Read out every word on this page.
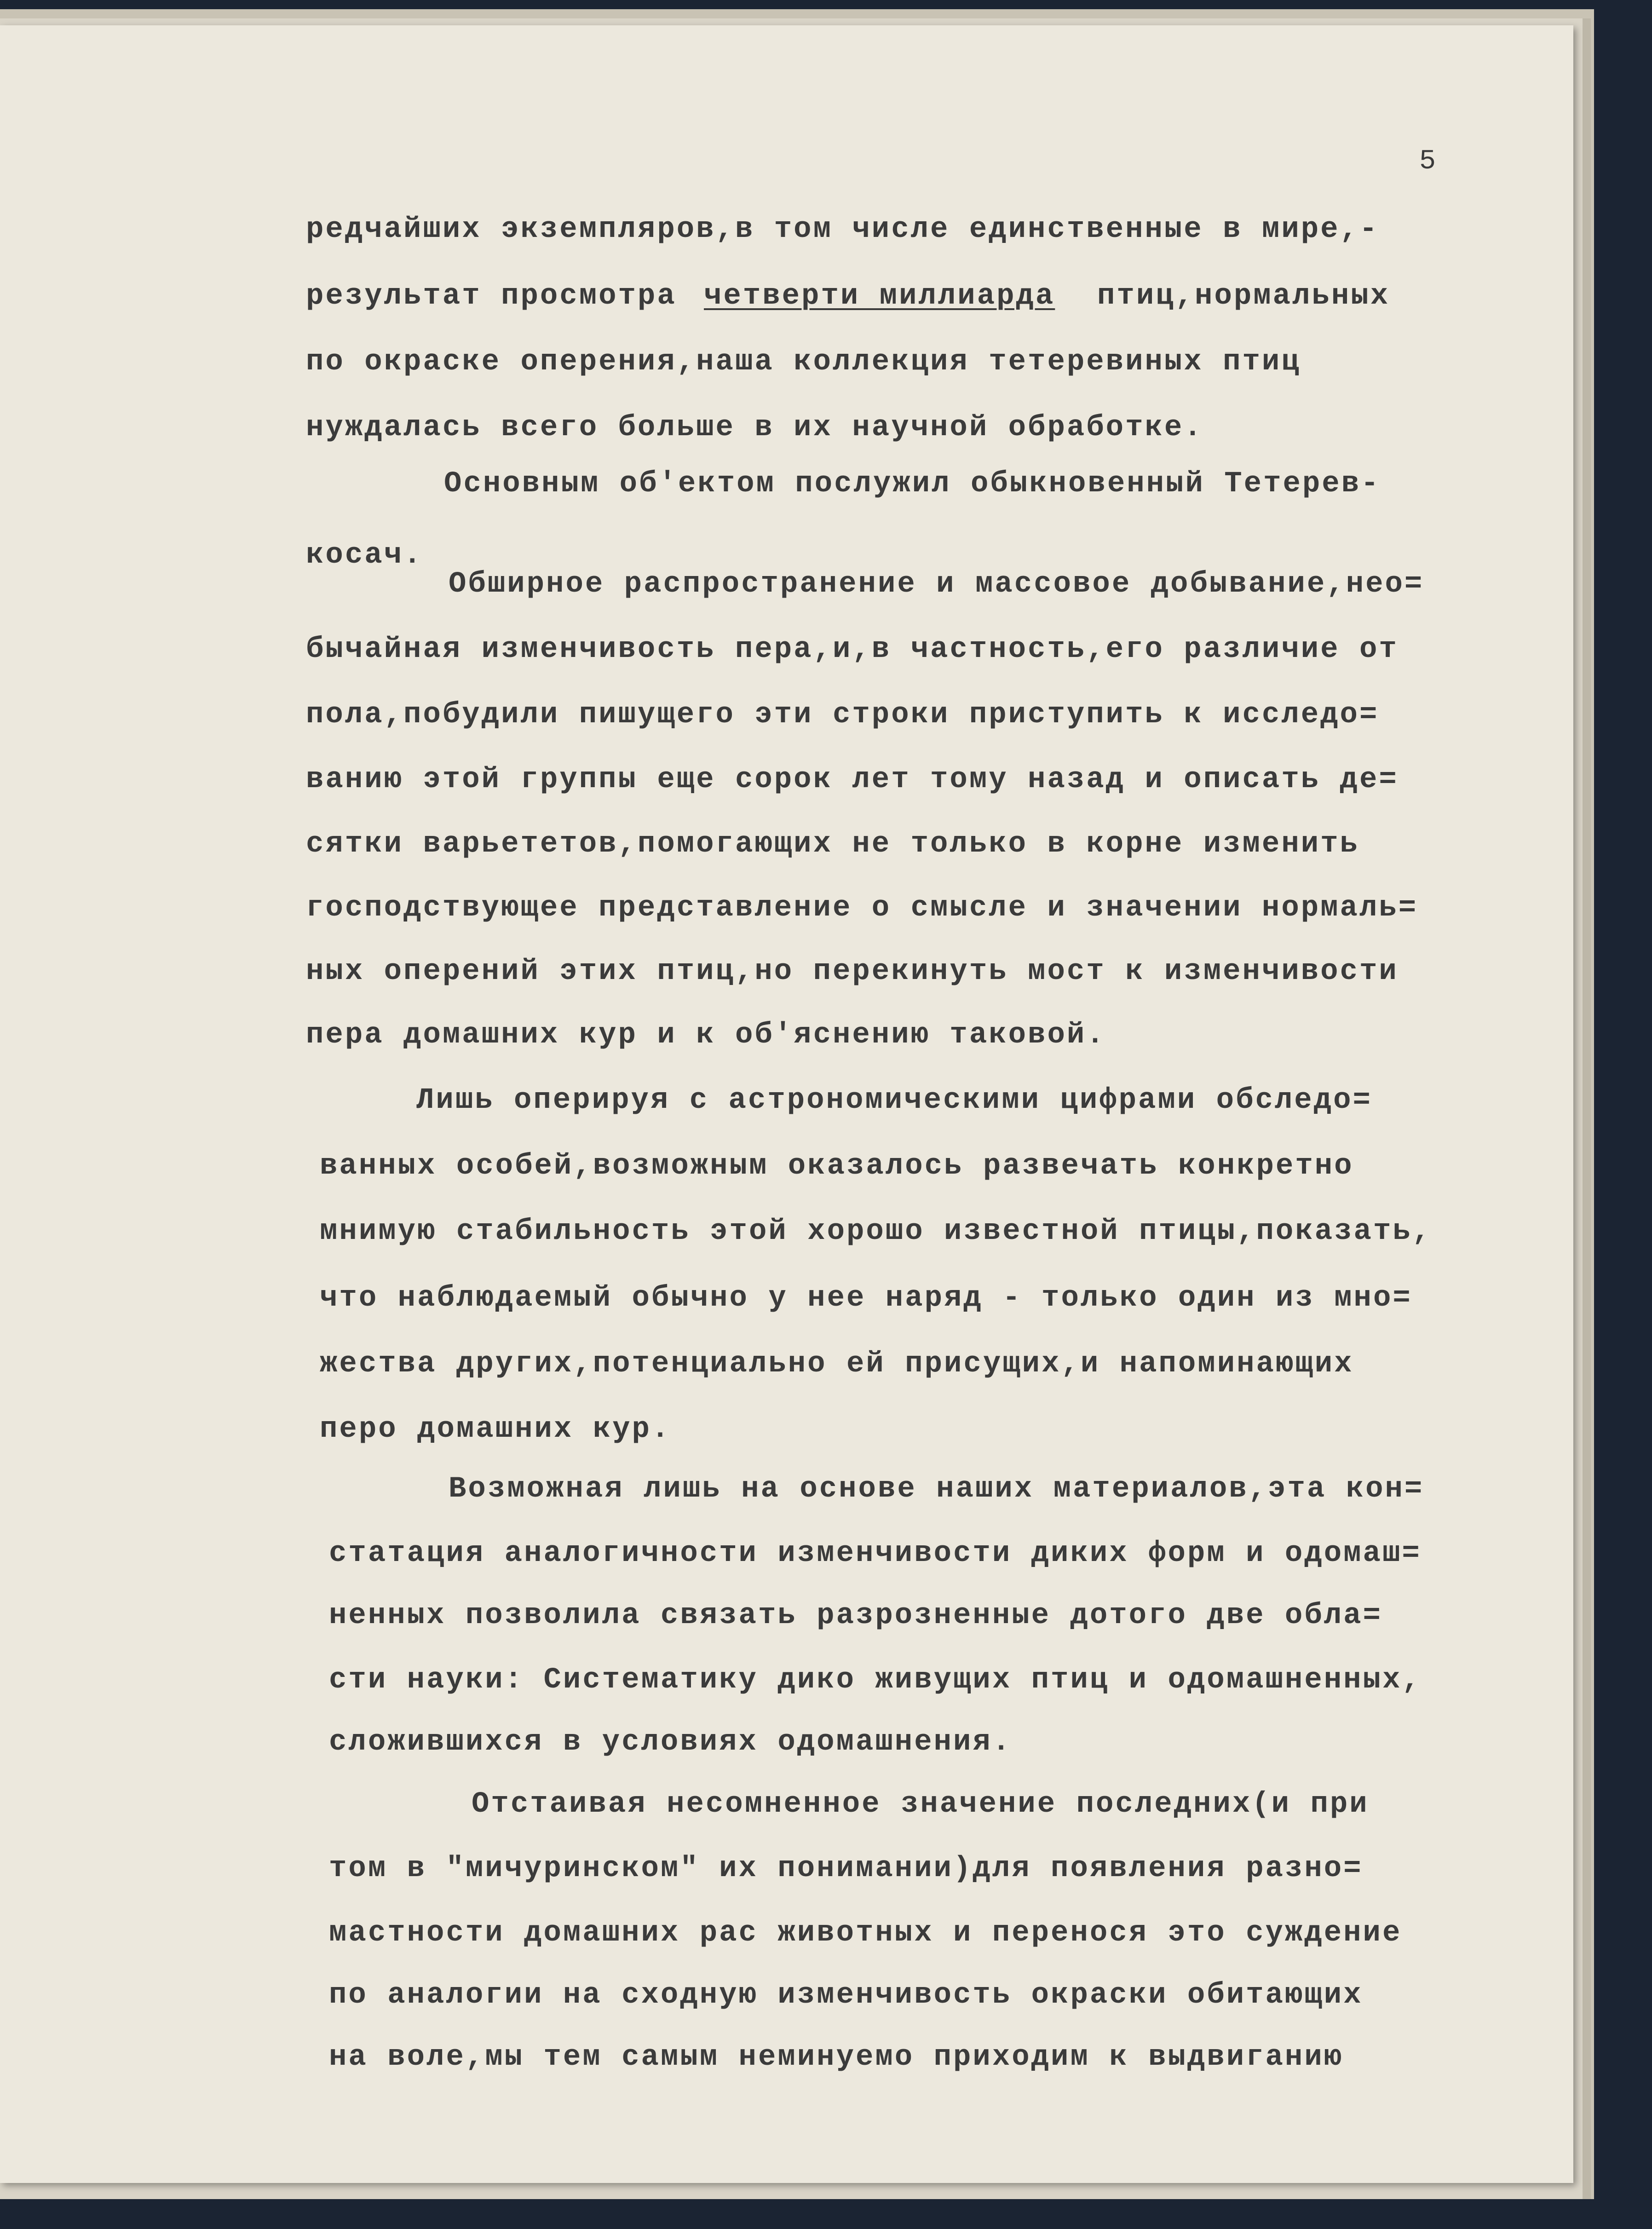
5
редчайших экземпляров,в том числе единственные в мире,-
результат просмотра четверти миллиарда птиц,нормальных
по окраске оперения,наша коллекция тетеревиных птиц
нуждалась всего больше в их научной обработке.
Основным об'ектом послужил обыкновенный Тетерев-
косач.
Обширное распространение и массовое добывание,нео=
бычайная изменчивость пера,и,в частность,его различие от
пола,побудили пишущего эти строки приступить к исследо=
ванию этой группы еще сорок лет тому назад и описать де=
сятки варьететов,помогающих не только в корне изменить
господствующее представление о смысле и значении нормаль=
ных оперений этих птиц,но перекинуть мост к изменчивости
пера домашних кур и к об'яснению таковой.
Лишь оперируя с астрономическими цифрами обследо=
ванных особей,возможным оказалось развечать конкретно
мнимую стабильность этой хорошо известной птицы,показать,
что наблюдаемый обычно у нее наряд - только один из мно=
жества других,потенциально ей присущих,и напоминающих
перо домашних кур.
Возможная лишь на основе наших материалов,эта кон=
статация аналогичности изменчивости диких форм и одомаш=
ненных позволила связать разрозненные дотого две обла=
сти науки: Систематику дико живущих птиц и одомашненных,
сложившихся в условиях одомашнения.
Отстаивая несомненное значение последних(и при
том в "мичуринском" их понимании)для появления разно=
мастности домашних рас животных и перенося это суждение
по аналогии на сходную изменчивость окраски обитающих
на воле,мы тем самым неминуемо приходим к выдвиганию
